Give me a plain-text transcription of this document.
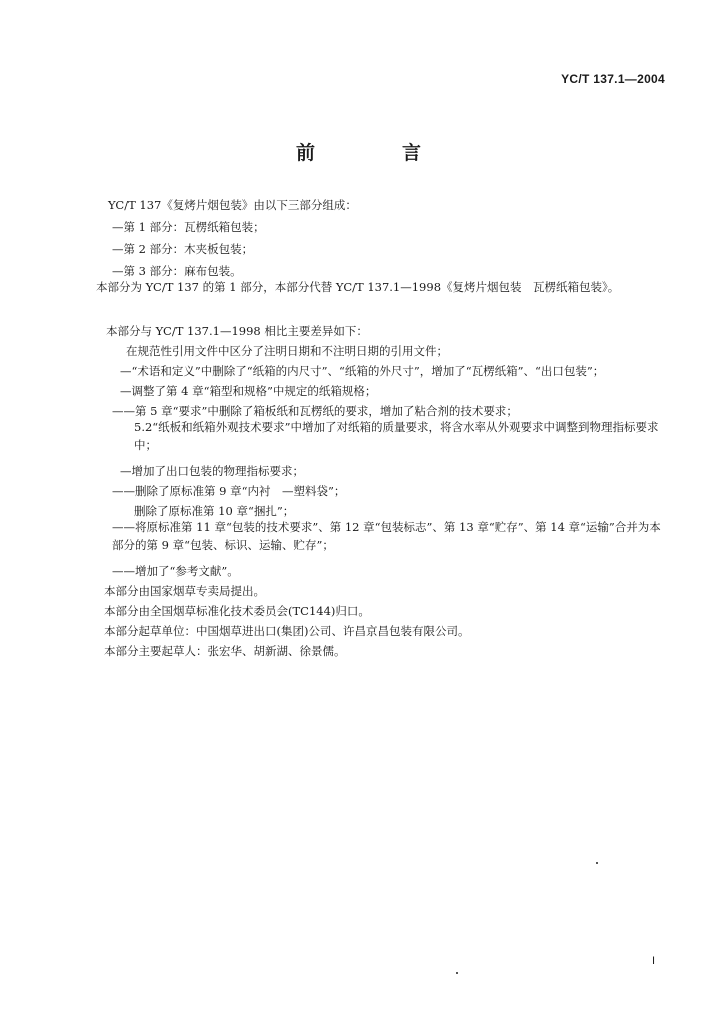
YC/T 137.1—2004
前　言
YC/T 137《复烤片烟包装》由以下三部分组成：
—第 1 部分：瓦楞纸箱包装；
—第 2 部分：木夹板包装；
—第 3 部分：麻布包装。
本部分为 YC/T 137 的第 1 部分，本部分代替 YC/T 137.1—1998《复烤片烟包装　瓦楞纸箱包装》。
本部分与 YC/T 137.1—1998 相比主要差异如下：
在规范性引用文件中区分了注明日期和不注明日期的引用文件；
—“术语和定义”中删除了“纸箱的内尺寸”、“纸箱的外尺寸”，增加了“瓦楞纸箱”、“出口包装”；
—调整了第 4 章“箱型和规格”中规定的纸箱规格；
——第 5 章“要求”中删除了箱板纸和瓦楞纸的要求，增加了粘合剂的技术要求；
5.2“纸板和纸箱外观技术要求”中增加了对纸箱的质量要求，将含水率从外观要求中调整到物理指标要求中；
—增加了出口包装的物理指标要求；
——删除了原标准第 9 章“内衬　—塑料袋”；
删除了原标准第 10 章“捆扎”；
——将原标准第 11 章“包装的技术要求”、第 12 章“包装标志”、第 13 章“贮存”、第 14 章“运输”合并为本部分的第 9 章“包装、标识、运输、贮存”；
——增加了“参考文献”。
本部分由国家烟草专卖局提出。
本部分由全国烟草标准化技术委员会(TC144)归口。
本部分起草单位：中国烟草进出口(集团)公司、许昌京昌包装有限公司。
本部分主要起草人：张宏华、胡新湖、徐景儒。
I
